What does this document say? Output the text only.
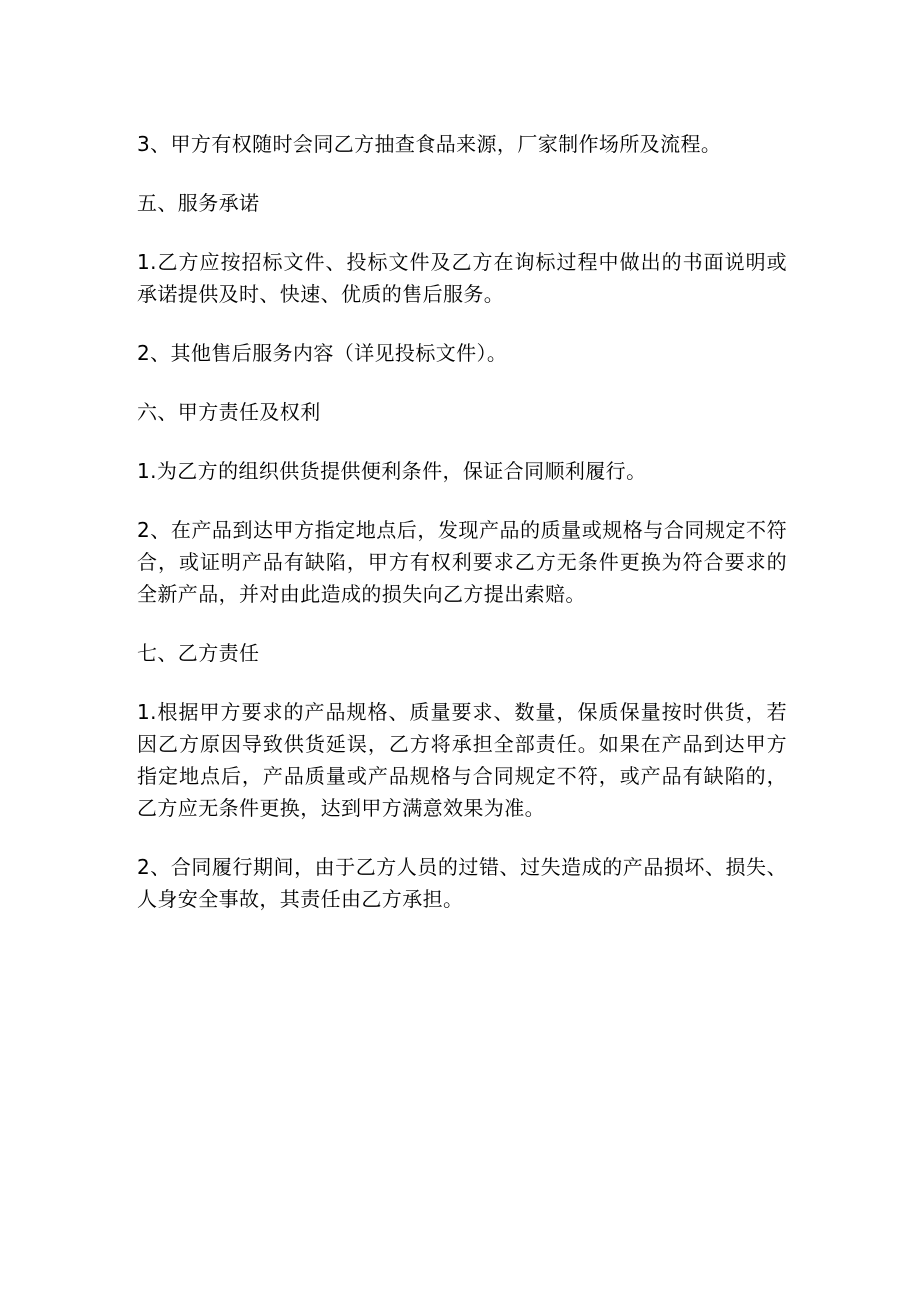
3、甲方有权随时会同乙方抽查食品来源，厂家制作场所及流程。

五、服务承诺

1.乙方应按招标文件、投标文件及乙方在询标过程中做出的书面说明或承诺提供及时、快速、优质的售后服务。

2、其他售后服务内容（详见投标文件）。

六、甲方责任及权利

1.为乙方的组织供货提供便利条件，保证合同顺利履行。

2、在产品到达甲方指定地点后，发现产品的质量或规格与合同规定不符合，或证明产品有缺陷，甲方有权利要求乙方无条件更换为符合要求的全新产品，并对由此造成的损失向乙方提出索赔。

七、乙方责任

1.根据甲方要求的产品规格、质量要求、数量，保质保量按时供货，若因乙方原因导致供货延误，乙方将承担全部责任。如果在产品到达甲方指定地点后，产品质量或产品规格与合同规定不符，或产品有缺陷的，乙方应无条件更换，达到甲方满意效果为准。

2、合同履行期间，由于乙方人员的过错、过失造成的产品损坏、损失、人身安全事故，其责任由乙方承担。
